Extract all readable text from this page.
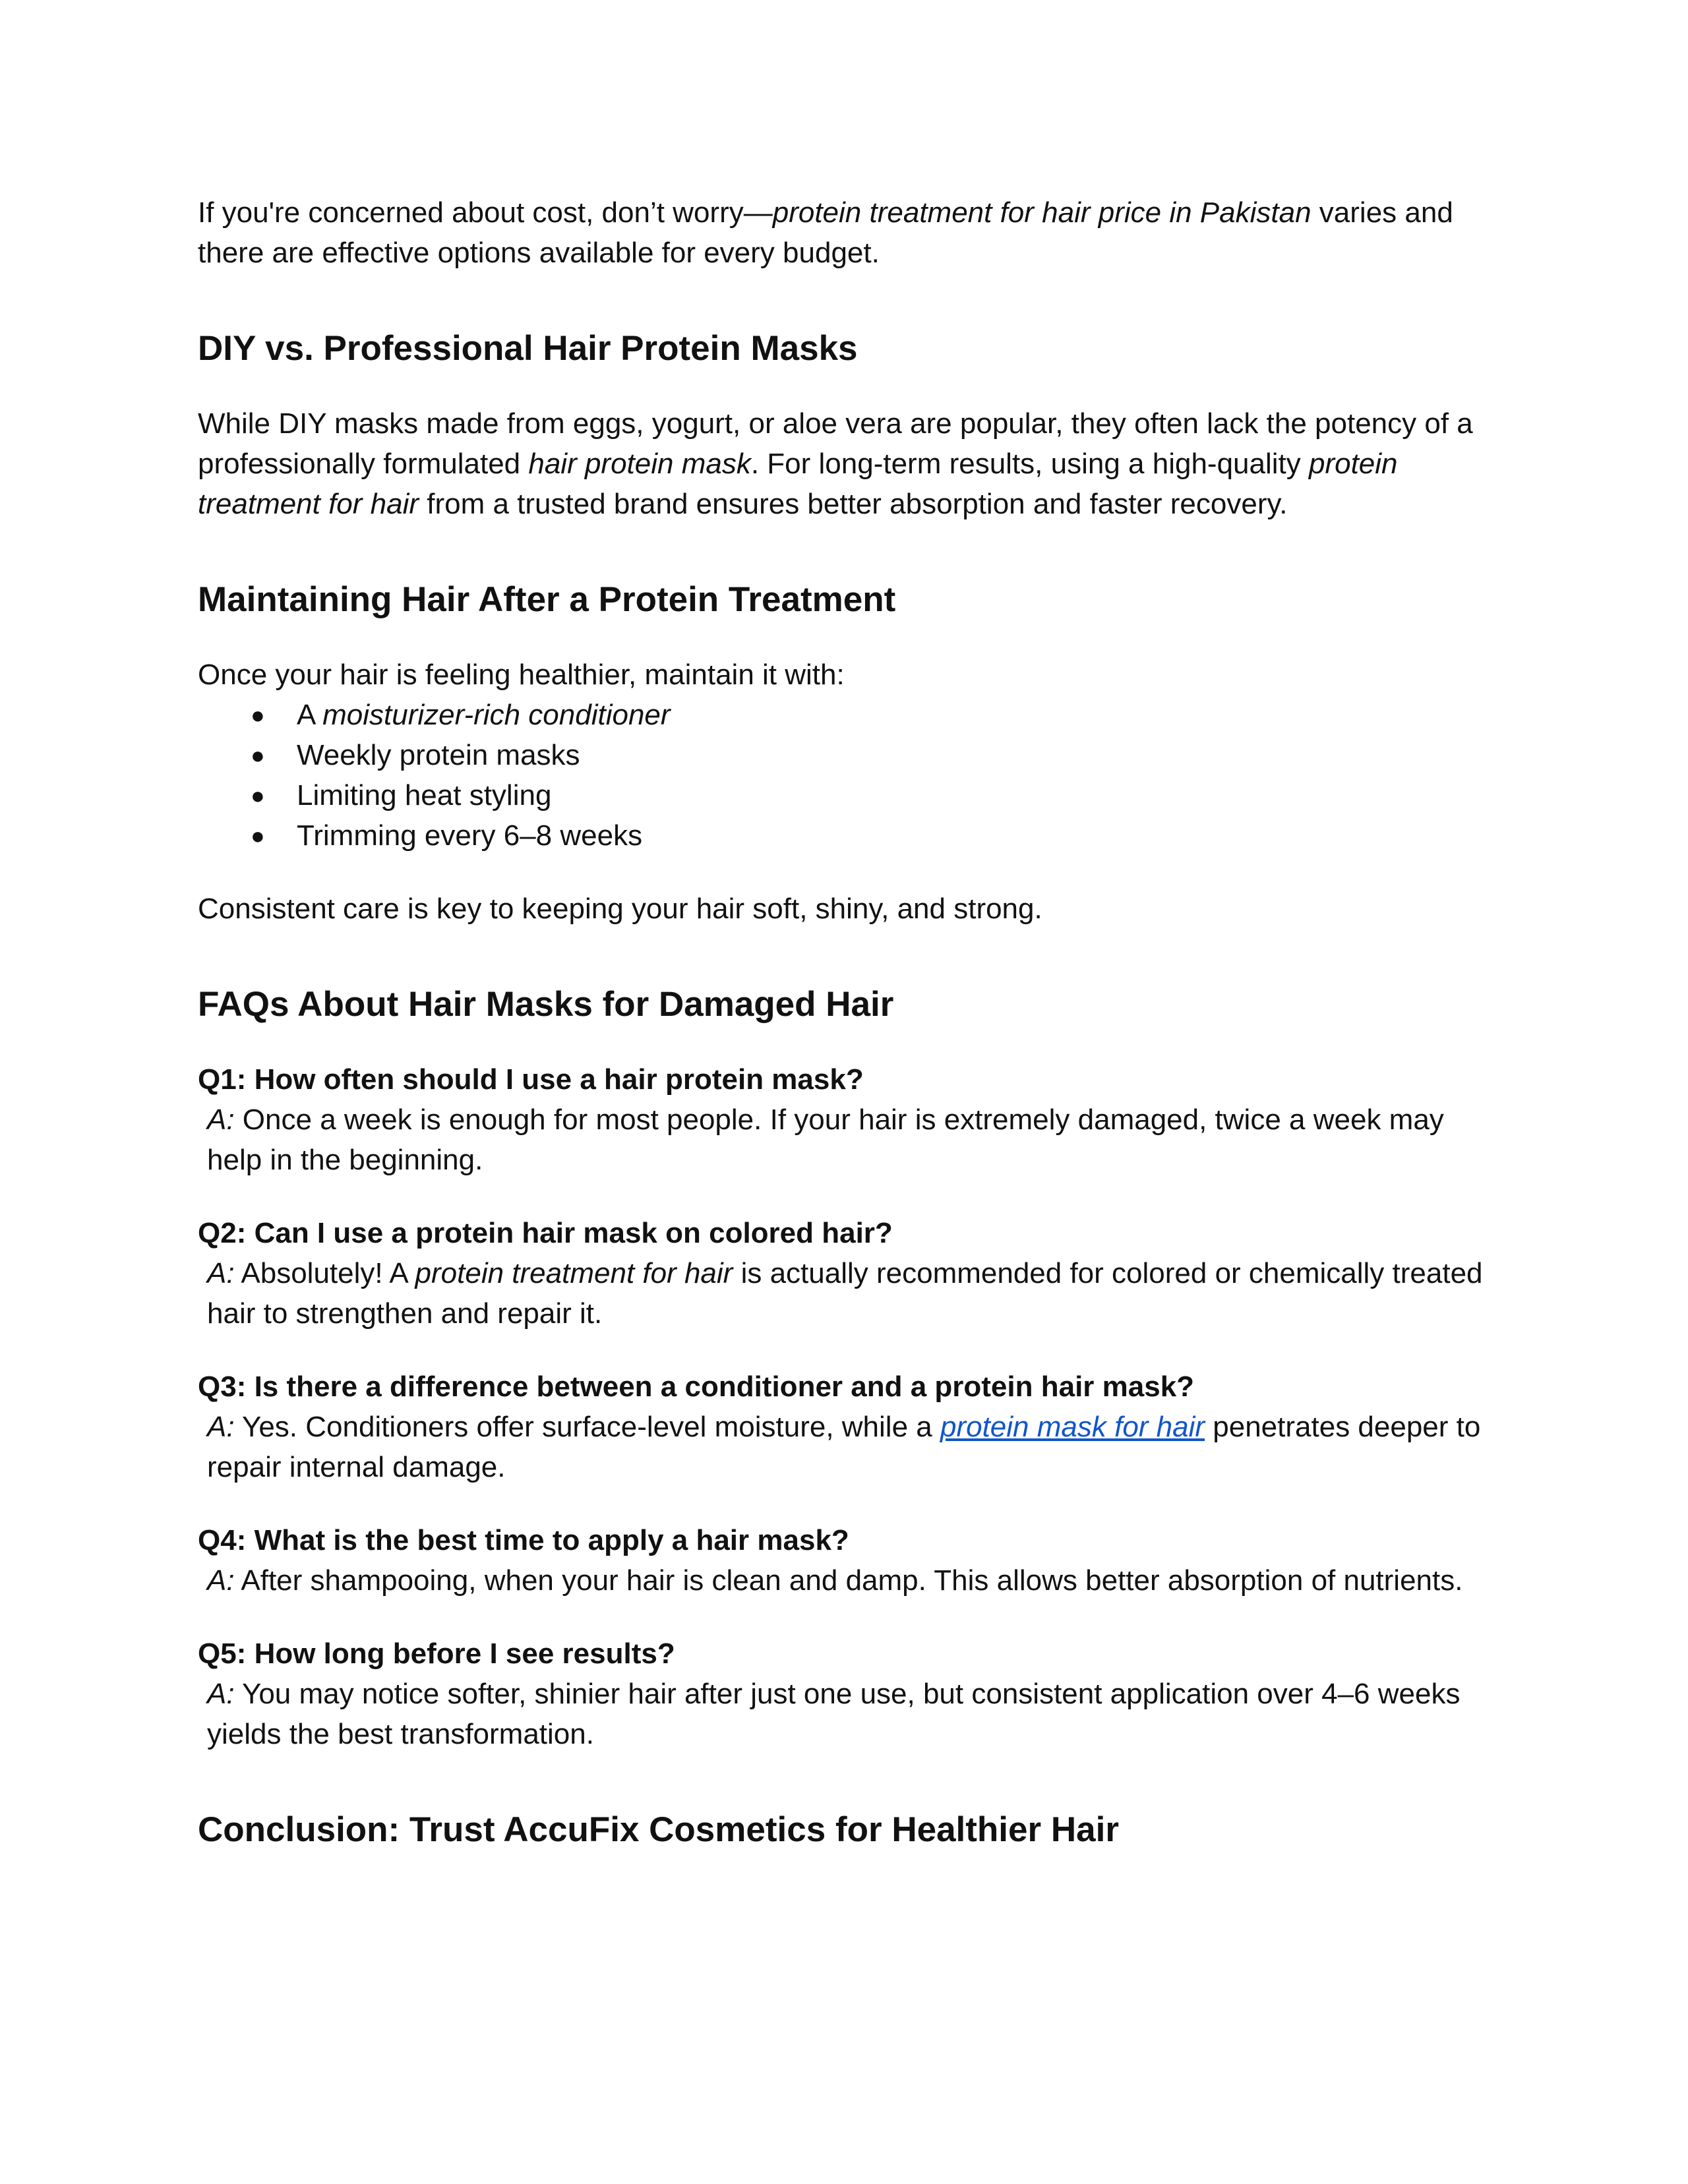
If you're concerned about cost, don’t worry—protein treatment for hair price in Pakistan varies and there are effective options available for every budget.

DIY vs. Professional Hair Protein Masks

While DIY masks made from eggs, yogurt, or aloe vera are popular, they often lack the potency of a professionally formulated hair protein mask. For long-term results, using a high-quality protein treatment for hair from a trusted brand ensures better absorption and faster recovery.

Maintaining Hair After a Protein Treatment

Once your hair is feeling healthier, maintain it with:

● A moisturizer-rich conditioner
● Weekly protein masks
● Limiting heat styling
● Trimming every 6–8 weeks

Consistent care is key to keeping your hair soft, shiny, and strong.

FAQs About Hair Masks for Damaged Hair

Q1: How often should I use a hair protein mask?

A: Once a week is enough for most people. If your hair is extremely damaged, twice a week may help in the beginning.

Q2: Can I use a protein hair mask on colored hair?

A: Absolutely! A protein treatment for hair is actually recommended for colored or chemically treated hair to strengthen and repair it.

Q3: Is there a difference between a conditioner and a protein hair mask?

A: Yes. Conditioners offer surface-level moisture, while a protein mask for hair penetrates deeper to repair internal damage.

Q4: What is the best time to apply a hair mask?

A: After shampooing, when your hair is clean and damp. This allows better absorption of nutrients.

Q5: How long before I see results?

A: You may notice softer, shinier hair after just one use, but consistent application over 4–6 weeks yields the best transformation.

Conclusion: Trust AccuFix Cosmetics for Healthier Hair
